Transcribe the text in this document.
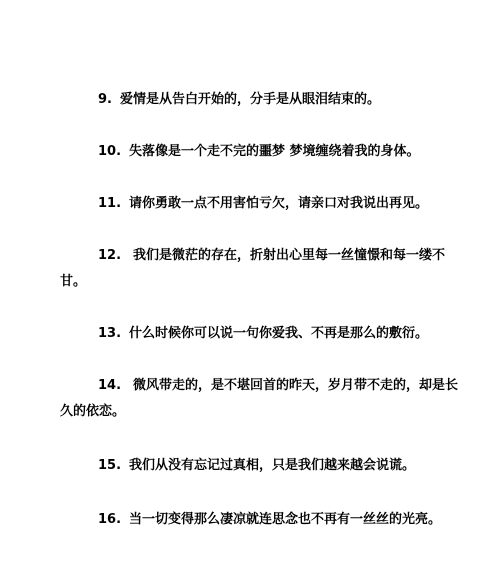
9. 爱情是从告白开始的，分手是从眼泪结束的。

10. 失落像是一个走不完的噩梦 梦境缠绕着我的身体。

11. 请你勇敢一点不用害怕亏欠，请亲口对我说出再见。

12. 我们是微茫的存在，折射出心里每一丝憧憬和每一缕不甘。

13. 什么时候你可以说一句你爱我、不再是那么的敷衍。

14. 微风带走的，是不堪回首的昨天，岁月带不走的，却是长久的依恋。

15. 我们从没有忘记过真相，只是我们越来越会说谎。

16. 当一切变得那么凄凉就连思念也不再有一丝丝的光亮。
